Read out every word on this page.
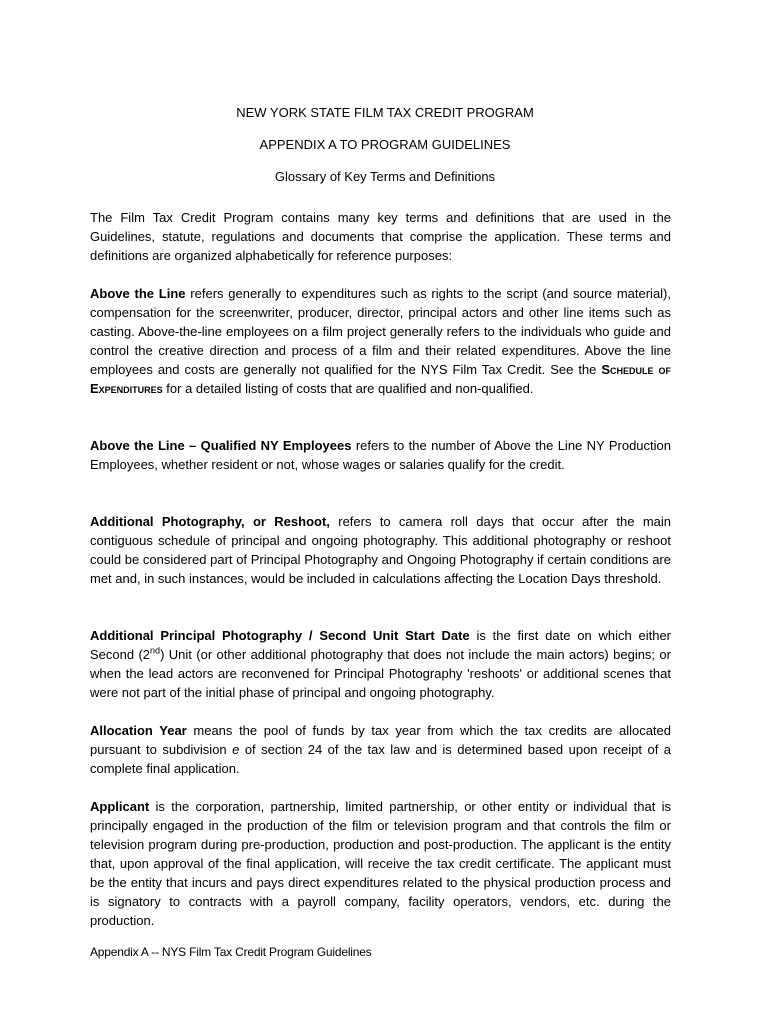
NEW YORK STATE FILM TAX CREDIT PROGRAM
APPENDIX A TO PROGRAM GUIDELINES
Glossary of Key Terms and Definitions

The Film Tax Credit Program contains many key terms and definitions that are used in the Guidelines, statute, regulations and documents that comprise the application. These terms and definitions are organized alphabetically for reference purposes:

Above the Line refers generally to expenditures such as rights to the script (and source material), compensation for the screenwriter, producer, director, principal actors and other line items such as casting. Above-the-line employees on a film project generally refers to the individuals who guide and control the creative direction and process of a film and their related expenditures. Above the line employees and costs are generally not qualified for the NYS Film Tax Credit. See the Schedule of Expenditures for a detailed listing of costs that are qualified and non-qualified.

Above the Line – Qualified NY Employees refers to the number of Above the Line NY Production Employees, whether resident or not, whose wages or salaries qualify for the credit.

Additional Photography, or Reshoot, refers to camera roll days that occur after the main contiguous schedule of principal and ongoing photography. This additional photography or reshoot could be considered part of Principal Photography and Ongoing Photography if certain conditions are met and, in such instances, would be included in calculations affecting the Location Days threshold.

Additional Principal Photography / Second Unit Start Date is the first date on which either Second (2nd) Unit (or other additional photography that does not include the main actors) begins; or when the lead actors are reconvened for Principal Photography 'reshoots' or additional scenes that were not part of the initial phase of principal and ongoing photography.

Allocation Year means the pool of funds by tax year from which the tax credits are allocated pursuant to subdivision e of section 24 of the tax law and is determined based upon receipt of a complete final application.

Applicant is the corporation, partnership, limited partnership, or other entity or individual that is principally engaged in the production of the film or television program and that controls the film or television program during pre-production, production and post-production. The applicant is the entity that, upon approval of the final application, will receive the tax credit certificate. The applicant must be the entity that incurs and pays direct expenditures related to the physical production process and is signatory to contracts with a payroll company, facility operators, vendors, etc. during the production.

Appendix A -- NYS Film Tax Credit Program Guidelines
